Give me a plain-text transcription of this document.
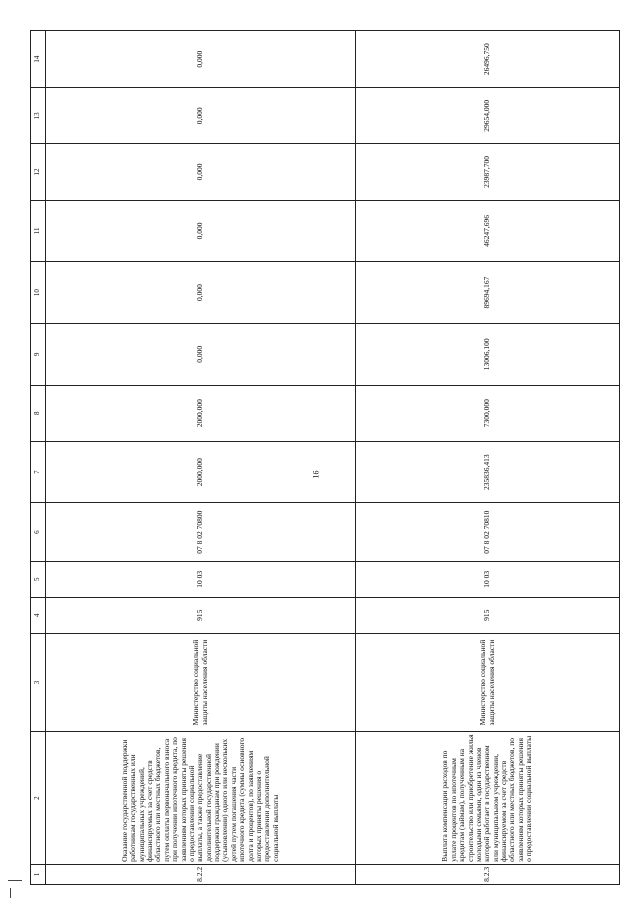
1	2	3	4	5	6	7	8	9	10	11	12	13	14
8.2.2	Оказание государственной поддержки работникам государственных или муниципальных учреждений, финансируемых за счет средств областного или местных бюджетов, путем оплаты первоначального взноса при получении ипотечного кредита, по заявлениям которых приняты решения о предоставлении социальной выплаты, а также предоставление дополнительной государственной поддержки гражданам при рождении (усыновлении) одного или нескольких детей путем погашения части ипотечного кредита (суммы основного долга и процентов), по заявлениям которых приняты решения о предоставлении дополнительной социальной выплаты	Министерство социальной защиты населения области	915	10 03	07 8 02 70800	2000,000	2000,000	0,000	0,000	0,000	0,000	0,000	0,000
8.2.3	Выплата компенсации расходов по уплате процентов по ипотечным кредитам (займам), полученным на строительство или приобретение жилья молодыми семьями, один из членов которой работает в государственном или муниципальном учреждении, финансируемом за счет средств областного или местных бюджетов, по заявлениям которых приняты решения о предоставлении социальной выплаты	Министерство социальной защиты населения области	915	10 03	07 8 02 70810	235836,413	7300,000	13006,100	89694,167	46247,696	23987,700	29654,000	26496,750
16
